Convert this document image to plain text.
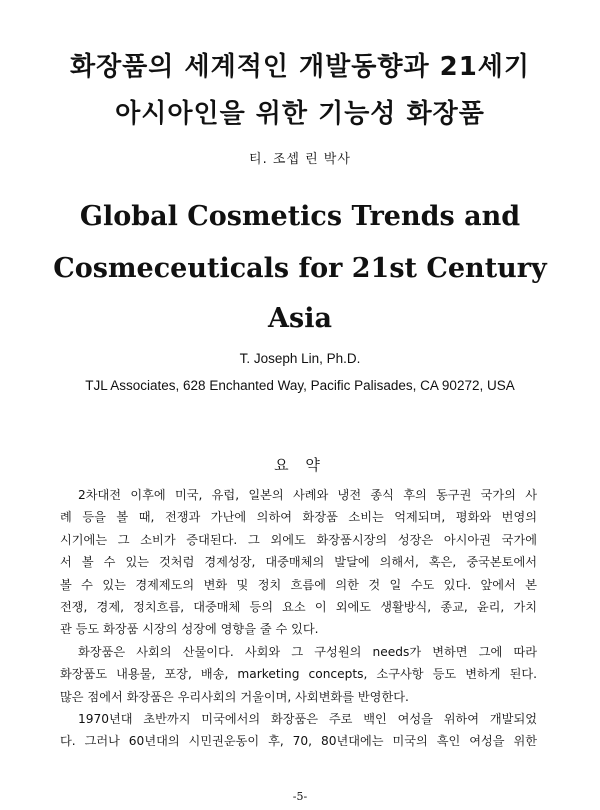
화장품의 세계적인 개발동향과 21세기
아시아인을 위한 기능성 화장품
티. 조셉 린 박사
Global Cosmetics Trends and
Cosmeceuticals for 21st Century
Asia
T. Joseph Lin, Ph.D.
TJL Associates, 628 Enchanted Way, Pacific Palisades, CA 90272, USA
요 약
2차대전 이후에 미국, 유럽, 일본의 사례와 냉전 종식 후의 동구권 국가의 사
례 등을 볼 때, 전쟁과 가난에 의하여 화장품 소비는 억제되며, 평화와 번영의
시기에는 그 소비가 증대된다. 그 외에도 화장품시장의 성장은 아시아권 국가에
서 볼 수 있는 것처럼 경제성장, 대중매체의 발달에 의해서, 혹은, 중국본토에서
볼 수 있는 경제제도의 변화 및 정치 흐름에 의한 것 일 수도 있다. 앞에서 본
전쟁, 경제, 정치흐름, 대중매체 등의 요소 이 외에도 생활방식, 종교, 윤리, 가치
관 등도 화장품 시장의 성장에 영향을 줄 수 있다.
화장품은 사회의 산물이다. 사회와 그 구성원의 needs가 변하면 그에 따라
화장품도 내용물, 포장, 배송, marketing concepts, 소구사항 등도 변하게 된다.
많은 점에서 화장품은 우리사회의 거울이며, 사회변화를 반영한다.
1970년대 초반까지 미국에서의 화장품은 주로 백인 여성을 위하여 개발되었
다. 그러나 60년대의 시민권운동이 후, 70, 80년대에는 미국의 흑인 여성을 위한
-5-
